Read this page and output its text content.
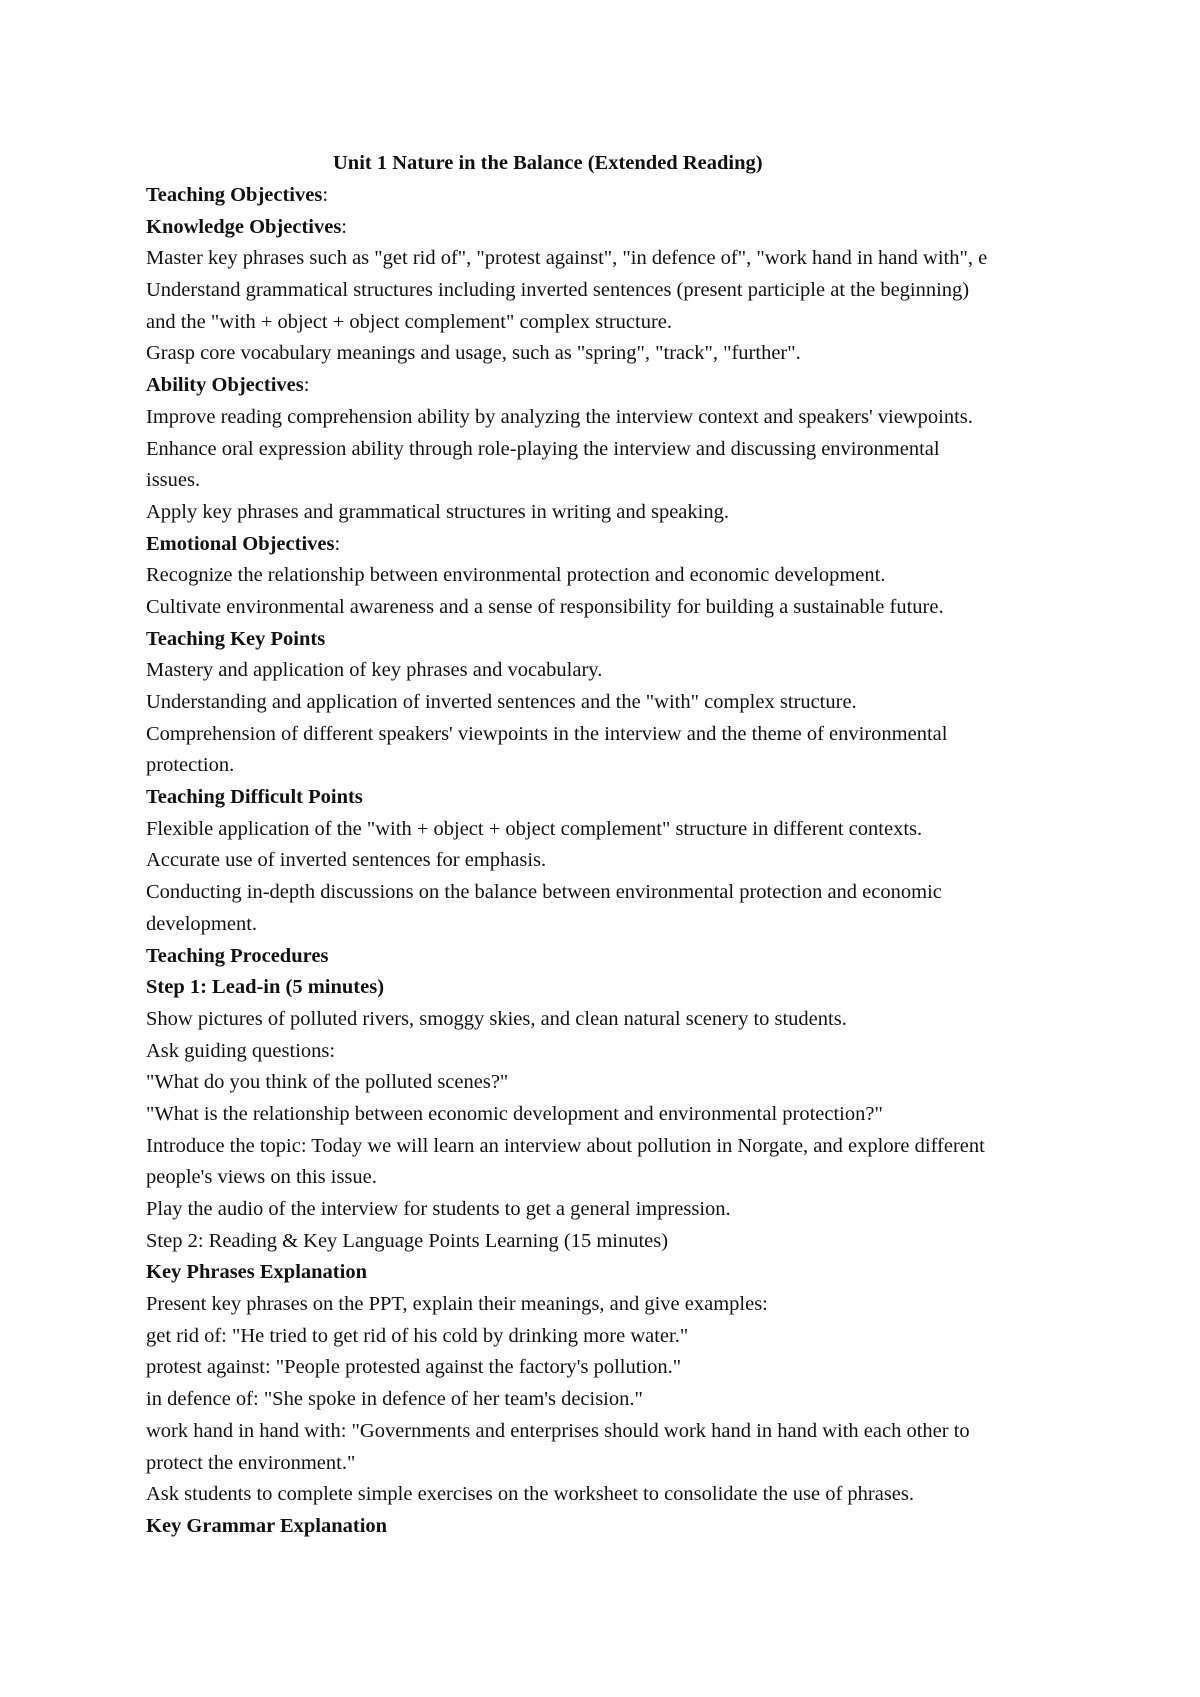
Unit 1 Nature in the Balance (Extended Reading)
Teaching Objectives:
Knowledge Objectives:
Master key phrases such as "get rid of", "protest against", "in defence of", "work hand in hand with", e
Understand grammatical structures including inverted sentences (present participle at the beginning)
and the "with + object + object complement" complex structure.
Grasp core vocabulary meanings and usage, such as "spring", "track", "further".
Ability Objectives:
Improve reading comprehension ability by analyzing the interview context and speakers' viewpoints.
Enhance oral expression ability through role-playing the interview and discussing environmental
issues.
Apply key phrases and grammatical structures in writing and speaking.
Emotional Objectives:
Recognize the relationship between environmental protection and economic development.
Cultivate environmental awareness and a sense of responsibility for building a sustainable future.
Teaching Key Points
Mastery and application of key phrases and vocabulary.
Understanding and application of inverted sentences and the "with" complex structure.
Comprehension of different speakers' viewpoints in the interview and the theme of environmental
protection.
Teaching Difficult Points
Flexible application of the "with + object + object complement" structure in different contexts.
Accurate use of inverted sentences for emphasis.
Conducting in-depth discussions on the balance between environmental protection and economic
development.
Teaching Procedures
Step 1: Lead-in (5 minutes)
Show pictures of polluted rivers, smoggy skies, and clean natural scenery to students.
Ask guiding questions:
"What do you think of the polluted scenes?"
"What is the relationship between economic development and environmental protection?"
Introduce the topic: Today we will learn an interview about pollution in Norgate, and explore different
people's views on this issue.
Play the audio of the interview for students to get a general impression.
Step 2: Reading & Key Language Points Learning (15 minutes)
Key Phrases Explanation
Present key phrases on the PPT, explain their meanings, and give examples:
get rid of: "He tried to get rid of his cold by drinking more water."
protest against: "People protested against the factory's pollution."
in defence of: "She spoke in defence of her team's decision."
work hand in hand with: "Governments and enterprises should work hand in hand with each other to
protect the environment."
Ask students to complete simple exercises on the worksheet to consolidate the use of phrases.
Key Grammar Explanation
